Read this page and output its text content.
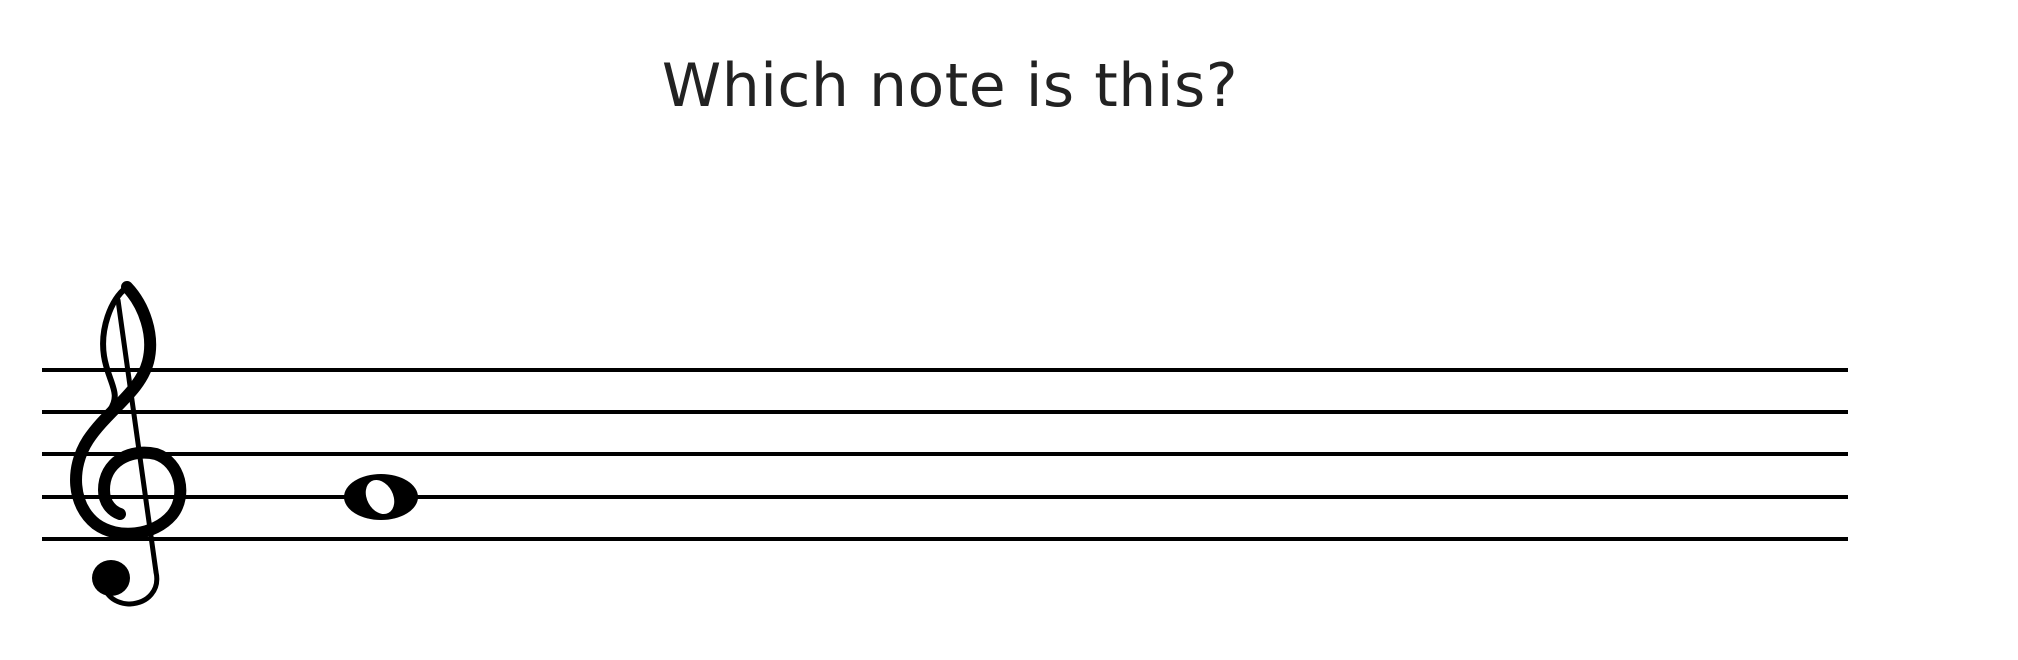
Which note is this?
